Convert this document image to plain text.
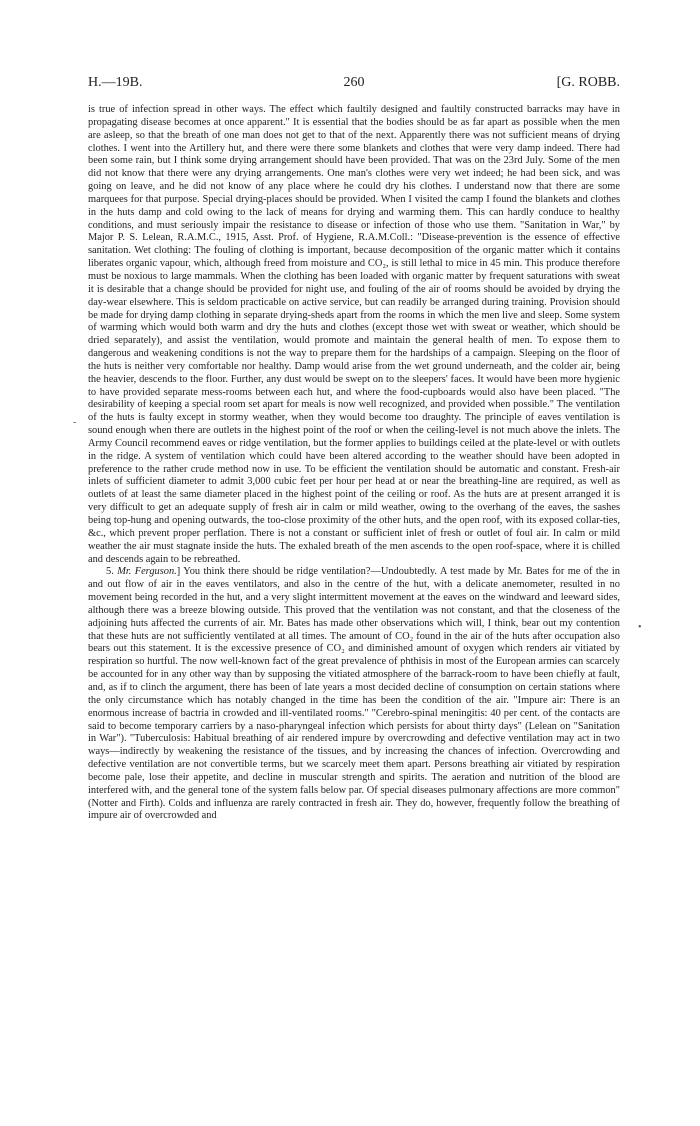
H.—19B.	260	[G. ROBB.

is true of infection spread in other ways. The effect which faultily designed and faultily constructed barracks may have in propagating disease becomes at once apparent." It is essential that the bodies should be as far apart as possible when the men are asleep, so that the breath of one man does not get to that of the next. Apparently there was not sufficient means of drying clothes. I went into the Artillery hut, and there were there some blankets and clothes that were very damp indeed. There had been some rain, but I think some drying arrangement should have been provided. That was on the 23rd July. Some of the men did not know that there were any drying arrangements. One man's clothes were very wet indeed; he had been sick, and was going on leave, and he did not know of any place where he could dry his clothes. I understand now that there are some marquees for that purpose. Special drying-places should be provided. When I visited the camp I found the blankets and clothes in the huts damp and cold owing to the lack of means for drying and warming them. This can hardly conduce to healthy conditions, and must seriously impair the resistance to disease or infection of those who use them. "Sanitation in War," by Major P. S. Lelean, R.A.M.C., 1915, Asst. Prof. of Hygiene, R.A.M.Coll.: "Disease-prevention is the essence of effective sanitation. Wet clothing: The fouling of clothing is important, because decomposition of the organic matter which it contains liberates organic vapour, which, although freed from moisture and CO₂, is still lethal to mice in 45 min. This produce therefore must be noxious to large mammals. When the clothing has been loaded with organic matter by frequent saturations with sweat it is desirable that a change should be provided for night use, and fouling of the air of rooms should be avoided by drying the day-wear elsewhere. This is seldom practicable on active service, but can readily be arranged during training. Provision should be made for drying damp clothing in separate drying-sheds apart from the rooms in which the men live and sleep. Some system of warming which would both warm and dry the huts and clothes (except those wet with sweat or weather, which should be dried separately), and assist the ventilation, would promote and maintain the general health of men. To expose them to dangerous and weakening conditions is not the way to prepare them for the hardships of a campaign. Sleeping on the floor of the huts is neither very comfortable nor healthy. Damp would arise from the wet ground underneath, and the colder air, being the heavier, descends to the floor. Further, any dust would be swept on to the sleepers' faces. It would have been more hygienic to have provided separate mess-rooms between each hut, and where the food-cupboards would also have been placed. "The desirability of keeping a special room set apart for meals is now well recognized, and provided when possible." The ventilation of the huts is faulty except in stormy weather, when they would become too draughty. The principle of eaves ventilation is sound enough when there are outlets in the highest point of the roof or when the ceiling-level is not much above the inlets. The Army Council recommend eaves or ridge ventilation, but the former applies to buildings ceiled at the plate-level or with outlets in the ridge. A system of ventilation which could have been altered according to the weather should have been adopted in preference to the rather crude method now in use. To be efficient the ventilation should be automatic and constant. Fresh-air inlets of sufficient diameter to admit 3,000 cubic feet per hour per head at or near the breathing-line are required, as well as outlets of at least the same diameter placed in the highest point of the ceiling or roof. As the huts are at present arranged it is very difficult to get an adequate supply of fresh air in calm or mild weather, owing to the overhang of the eaves, the sashes being top-hung and opening outwards, the too-close proximity of the other huts, and the open roof, with its exposed collar-ties, &c., which prevent proper perflation. There is not a constant or sufficient inlet of fresh or outlet of foul air. In calm or mild weather the air must stagnate inside the huts. The exhaled breath of the men ascends to the open roof-space, where it is chilled and descends again to be rebreathed.

5. Mr. Ferguson.] You think there should be ridge ventilation?—Undoubtedly. A test made by Mr. Bates for me of the in and out flow of air in the eaves ventilators, and also in the centre of the hut, with a delicate anemometer, resulted in no movement being recorded in the hut, and a very slight intermittent movement at the eaves on the windward and leeward sides, although there was a breeze blowing outside. This proved that the ventilation was not constant, and that the closeness of the adjoining huts affected the currents of air. Mr. Bates has made other observations which will, I think, bear out my contention that these huts are not sufficiently ventilated at all times. The amount of CO₂ found in the air of the huts after occupation also bears out this statement. It is the excessive presence of CO₂ and diminished amount of oxygen which renders air vitiated by respiration so hurtful. The now well-known fact of the great prevalence of phthisis in most of the European armies can scarcely be accounted for in any other way than by supposing the vitiated atmosphere of the barrack-room to have been chiefly at fault, and, as if to clinch the argument, there has been of late years a most decided decline of consumption on certain stations where the only circumstance which has notably changed in the time has been the condition of the air. "Impure air: There is an enormous increase of bactria in crowded and ill-ventilated rooms." "Cerebro-spinal meningitis: 40 per cent. of the contacts are said to become temporary carriers by a naso-pharyngeal infection which persists for about thirty days" (Lelean on "Sanitation in War"). "Tuberculosis: Habitual breathing of air rendered impure by overcrowding and defective ventilation may act in two ways—indirectly by weakening the resistance of the tissues, and by increasing the chances of infection. Overcrowding and defective ventilation are not convertible terms, but we scarcely meet them apart. Persons breathing air vitiated by respiration become pale, lose their appetite, and decline in muscular strength and spirits. The aeration and nutrition of the blood are interfered with, and the general tone of the system falls below par. Of special diseases pulmonary affections are more common" (Notter and Firth). Colds and influenza are rarely contracted in fresh air. They do, however, frequently follow the breathing of impure air of overcrowded and

-
•
